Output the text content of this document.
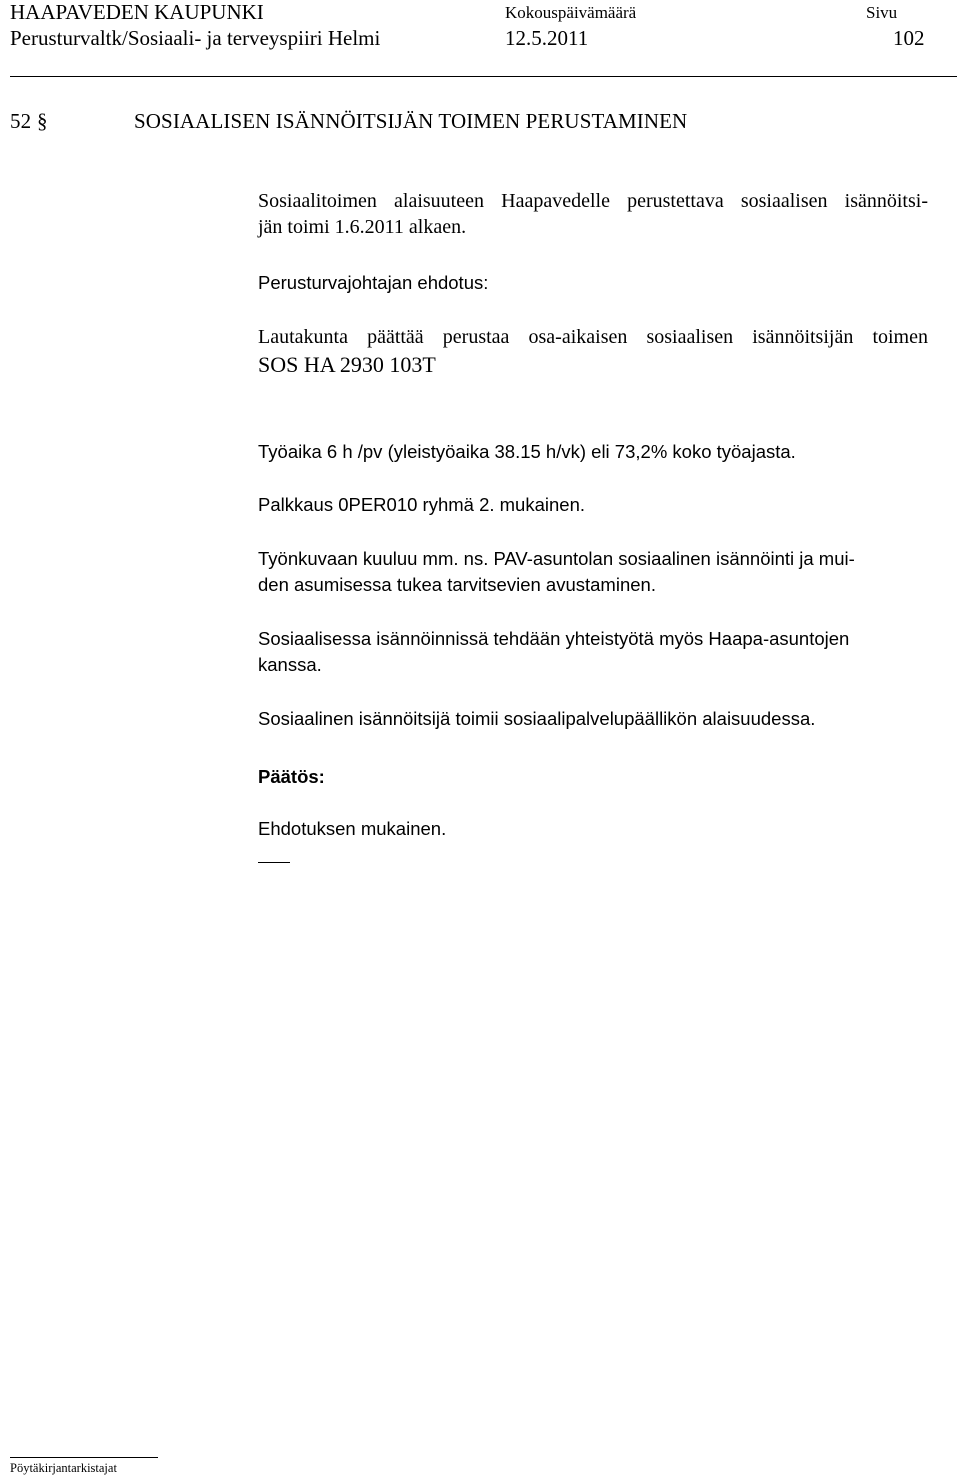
HAAPAVEDEN KAUPUNKI
Perusturvaltk/Sosiaali- ja terveyspiiri Helmi
Kokouspäivämäärä
12.5.2011
Sivu
102
52 §	SOSIAALISEN ISÄNNÖITSIJÄN TOIMEN PERUSTAMINEN
Sosiaalitoimen alaisuuteen Haapavedelle perustettava sosiaalisen isännöitsi-
jän toimi 1.6.2011 alkaen.
Perusturvajohtajan ehdotus:
Lautakunta päättää perustaa osa-aikaisen sosiaalisen isännöitsijän toimen
SOS HA 2930 103T
Työaika 6 h /pv (yleistyöaika 38.15 h/vk) eli 73,2% koko työajasta.
Palkkaus 0PER010 ryhmä 2. mukainen.
Työnkuvaan kuuluu mm. ns. PAV-asuntolan sosiaalinen isännöinti ja mui-
den asumisessa tukea tarvitsevien avustaminen.
Sosiaalisessa isännöinnissä tehdään yhteistyötä myös Haapa-asuntojen
kanssa.
Sosiaalinen isännöitsijä toimii sosiaalipalvelupäällikön alaisuudessa.
Päätös:
Ehdotuksen mukainen.
Pöytäkirjantarkistajat
